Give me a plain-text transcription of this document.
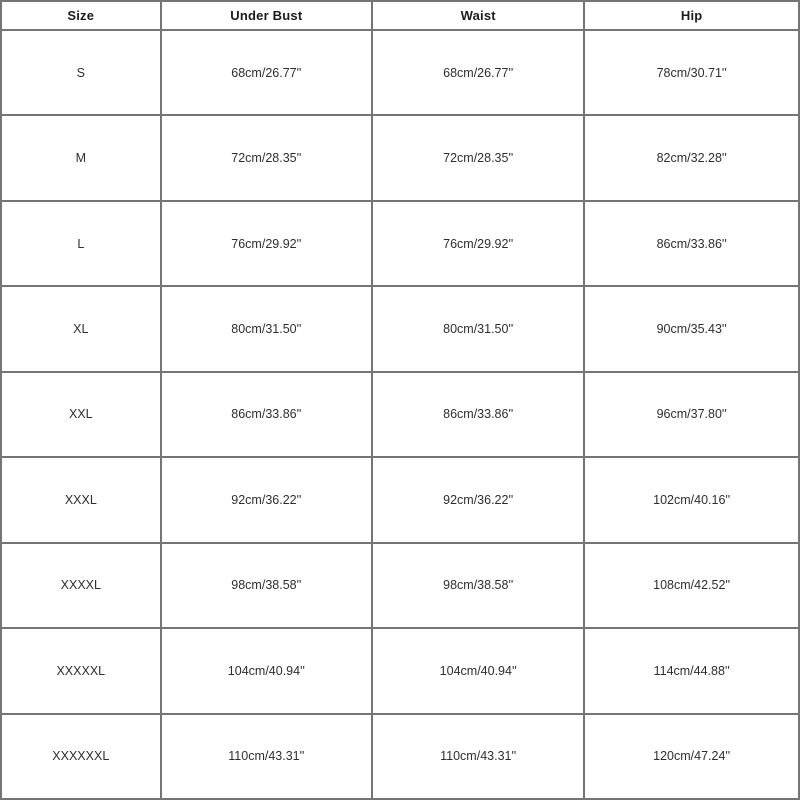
Size	Under Bust	Waist	Hip
S	68cm/26.77''	68cm/26.77''	78cm/30.71''
M	72cm/28.35''	72cm/28.35''	82cm/32.28''
L	76cm/29.92''	76cm/29.92''	86cm/33.86''
XL	80cm/31.50''	80cm/31.50''	90cm/35.43''
XXL	86cm/33.86''	86cm/33.86''	96cm/37.80''
XXXL	92cm/36.22''	92cm/36.22''	102cm/40.16''
XXXXL	98cm/38.58''	98cm/38.58''	108cm/42.52''
XXXXXL	104cm/40.94''	104cm/40.94''	114cm/44.88''
XXXXXXL	110cm/43.31''	110cm/43.31''	120cm/47.24''
